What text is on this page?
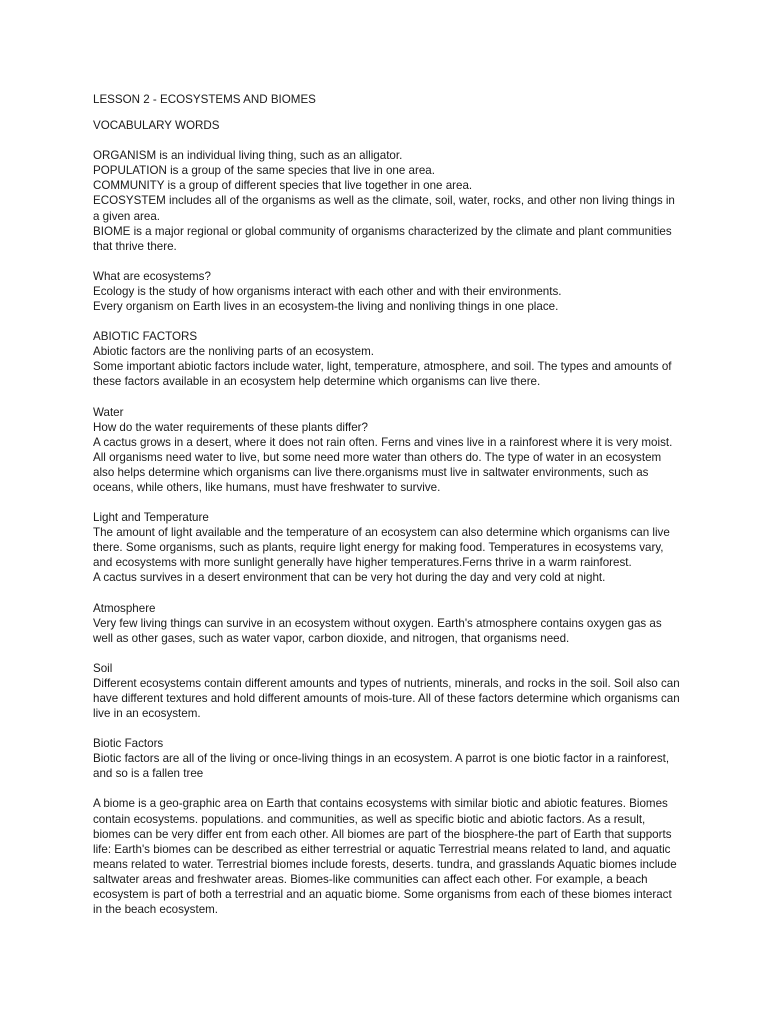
LESSON 2 - ECOSYSTEMS AND BIOMES

VOCABULARY WORDS

ORGANISM is an individual living thing, such as an alligator.

POPULATION is a group of the same species that live in one area.

COMMUNITY is a group of different species that live together in one area.

ECOSYSTEM includes all of the organisms as well as the climate, soil, water, rocks, and other non living things in a given area.

BIOME is a major regional or global community of organisms characterized by the climate and plant communities that thrive there.

What are ecosystems?

Ecology is the study of how organisms interact with each other and with their environments.

Every organism on Earth lives in an ecosystem-the living and nonliving things in one place.

ABIOTIC FACTORS

Abiotic factors are the nonliving parts of an ecosystem.

Some important abiotic factors include water, light, temperature, atmosphere, and soil. The types and amounts of these factors available in an ecosystem help determine which organisms can live there.

Water

How do the water requirements of these plants differ?

A cactus grows in a desert, where it does not rain often. Ferns and vines live in a rainforest where it is very moist. All organisms need water to live, but some need more water than others do. The type of water in an ecosystem also helps determine which organisms can live there.organisms must live in saltwater environments, such as oceans, while others, like humans, must have freshwater to survive.

Light and Temperature

The amount of light available and the temperature of an ecosystem can also determine which organisms can live there. Some organisms, such as plants, require light energy for making food. Temperatures in ecosystems vary, and ecosystems with more sunlight generally have higher temperatures.Ferns thrive in a warm rainforest.

A cactus survives in a desert environment that can be very hot during the day and very cold at night.

Atmosphere

Very few living things can survive in an ecosystem without oxygen. Earth's atmosphere contains oxygen gas as well as other gases, such as water vapor, carbon dioxide, and nitrogen, that organisms need.

Soil

Different ecosystems contain different amounts and types of nutrients, minerals, and rocks in the soil. Soil also can have different textures and hold different amounts of mois-ture. All of these factors determine which organisms can live in an ecosystem.

Biotic Factors

Biotic factors are all of the living or once-living things in an ecosystem. A parrot is one biotic factor in a rainforest, and so is a fallen tree

A biome is a geo-graphic area on Earth that contains ecosystems with similar biotic and abiotic features. Biomes contain ecosystems. populations. and communities, as well as specific biotic and abiotic factors. As a result, biomes can be very differ ent from each other. All biomes are part of the biosphere-the part of Earth that supports life: Earth's biomes can be described as either terrestrial or aquatic Terrestrial means related to land, and aquatic means related to water. Terrestrial biomes include forests, deserts. tundra, and grasslands Aquatic biomes include saltwater areas and freshwater areas. Biomes-like communities can affect each other. For example, a beach ecosystem is part of both a terrestrial and an aquatic biome. Some organisms from each of these biomes interact in the beach ecosystem.
